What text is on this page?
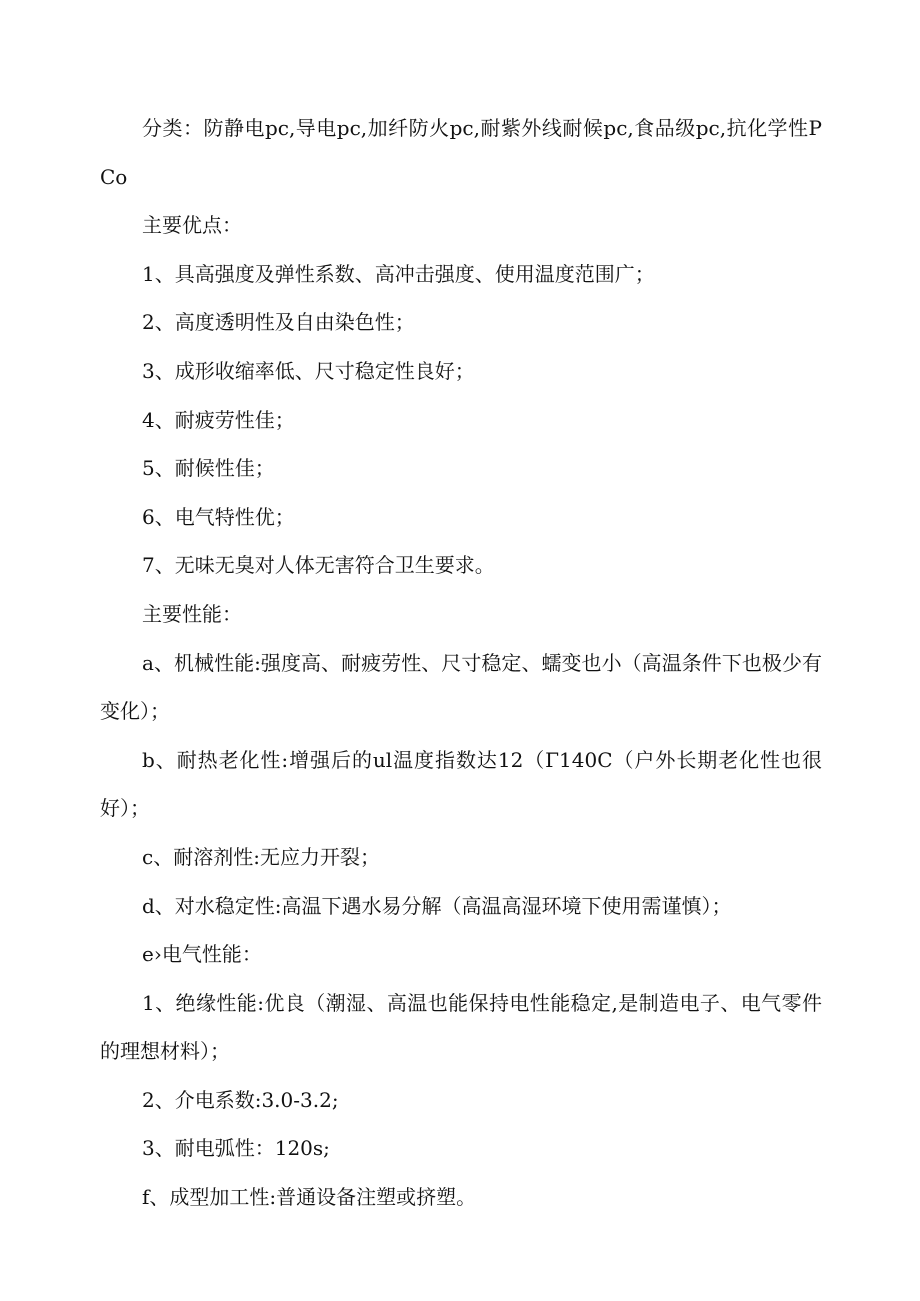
分类：防静电pc,导电pc,加纤防火pc,耐紫外线耐候pc,食品级pc,抗化学性PCo

主要优点：

1、具高强度及弹性系数、高冲击强度、使用温度范围广；

2、高度透明性及自由染色性；

3、成形收缩率低、尺寸稳定性良好；

4、耐疲劳性佳；

5、耐候性佳；

6、电气特性优；

7、无味无臭对人体无害符合卫生要求。

主要性能：

a、机械性能:强度高、耐疲劳性、尺寸稳定、蠕变也小（高温条件下也极少有变化）；

b、耐热老化性:增强后的ul温度指数达12（Γ140C（户外长期老化性也很好）；

c、耐溶剂性:无应力开裂；

d、对水稳定性:高温下遇水易分解（高温高湿环境下使用需谨慎）；

e›电气性能：

1、绝缘性能:优良（潮湿、高温也能保持电性能稳定,是制造电子、电气零件的理想材料）；

2、介电系数:3.0-3.2;

3、耐电弧性：120s;

f、成型加工性:普通设备注塑或挤塑。
